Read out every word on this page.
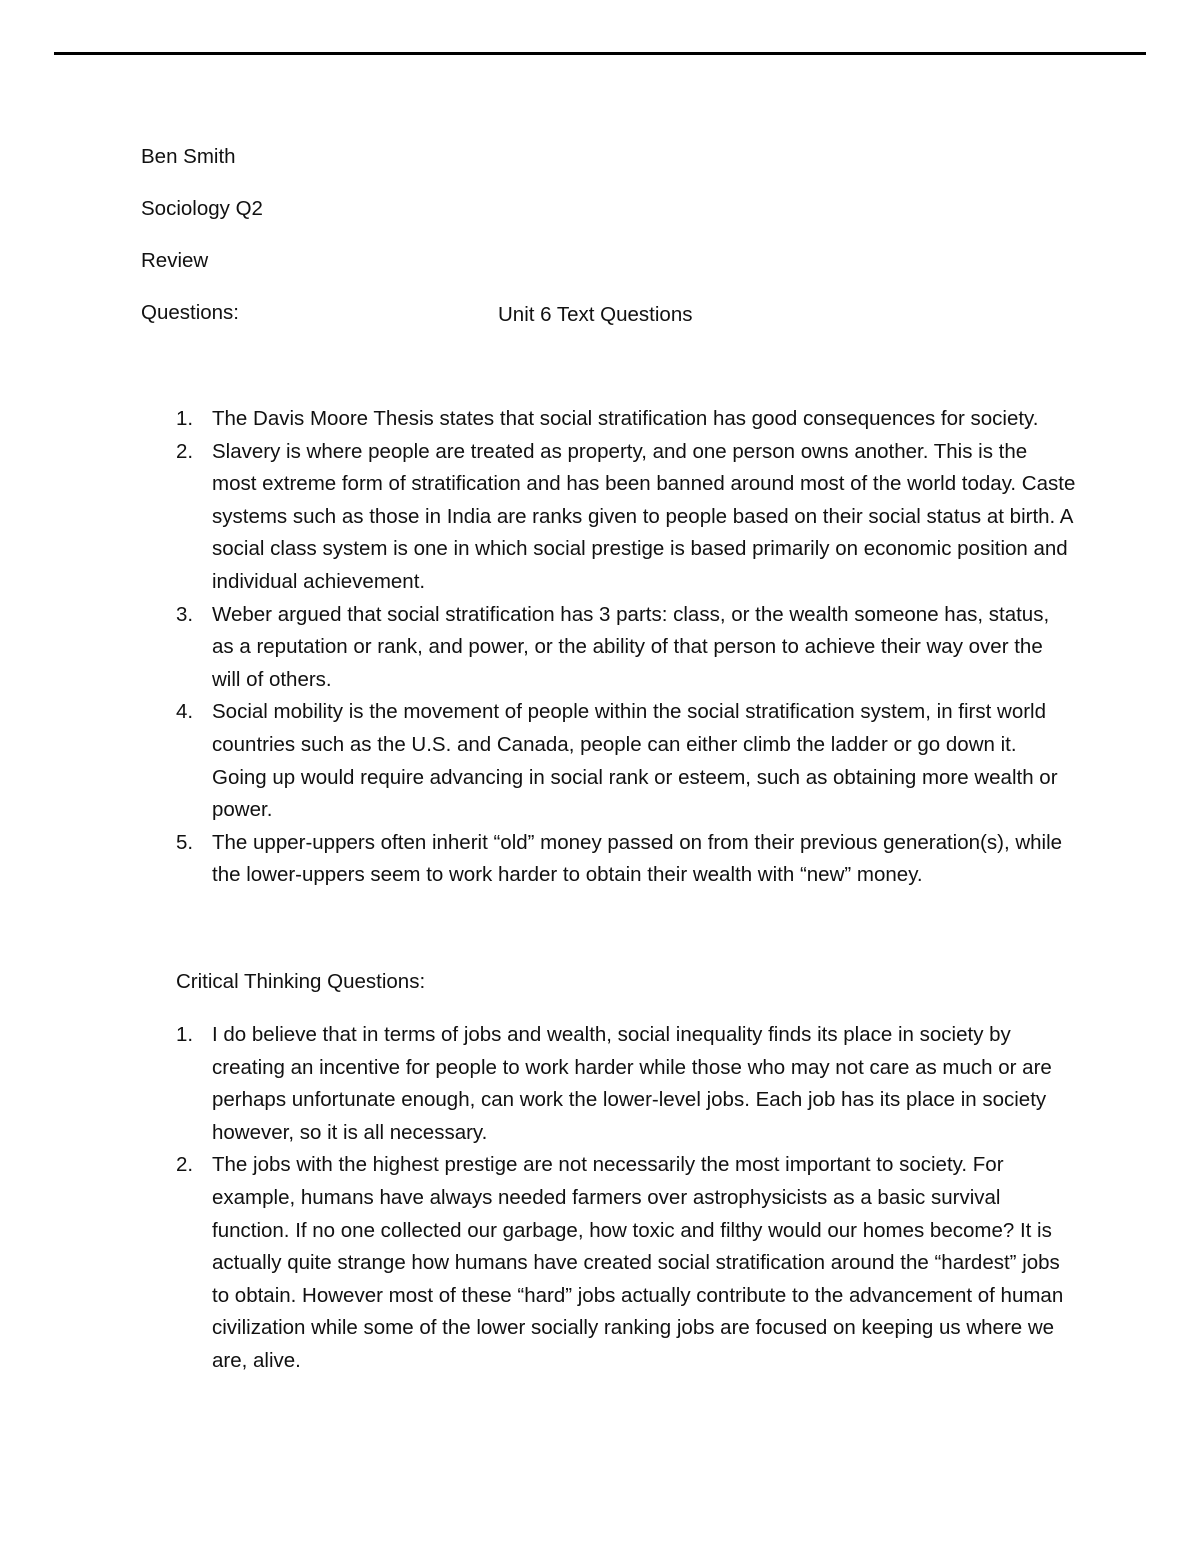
Ben Smith
Sociology Q2
Review
Questions:	Unit 6 Text Questions
1. The Davis Moore Thesis states that social stratification has good consequences for society.
2. Slavery is where people are treated as property, and one person owns another. This is the most extreme form of stratification and has been banned around most of the world today. Caste systems such as those in India are ranks given to people based on their social status at birth. A social class system is one in which social prestige is based primarily on economic position and individual achievement.
3. Weber argued that social stratification has 3 parts: class, or the wealth someone has, status, as a reputation or rank, and power, or the ability of that person to achieve their way over the will of others.
4. Social mobility is the movement of people within the social stratification system, in first world countries such as the U.S. and Canada, people can either climb the ladder or go down it. Going up would require advancing in social rank or esteem, such as obtaining more wealth or power.
5. The upper-uppers often inherit “old” money passed on from their previous generation(s), while the lower-uppers seem to work harder to obtain their wealth with “new” money.
Critical Thinking Questions:
1. I do believe that in terms of jobs and wealth, social inequality finds its place in society by creating an incentive for people to work harder while those who may not care as much or are perhaps unfortunate enough, can work the lower-level jobs. Each job has its place in society however, so it is all necessary.
2. The jobs with the highest prestige are not necessarily the most important to society. For example, humans have always needed farmers over astrophysicists as a basic survival function. If no one collected our garbage, how toxic and filthy would our homes become? It is actually quite strange how humans have created social stratification around the “hardest” jobs to obtain. However most of these “hard” jobs actually contribute to the advancement of human civilization while some of the lower socially ranking jobs are focused on keeping us where we are, alive.
